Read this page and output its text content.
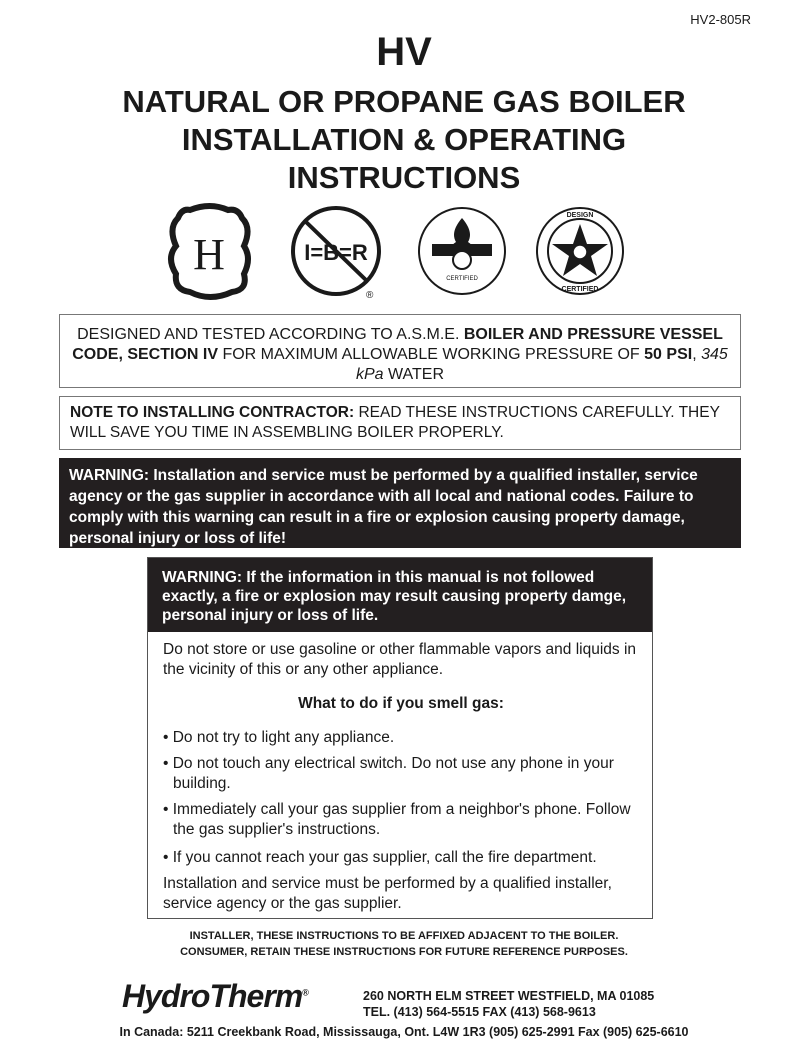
HV2-805R
HV
NATURAL OR PROPANE GAS BOILER
INSTALLATION & OPERATING
INSTRUCTIONS
H	I=B=R
®
CERTIFIED
DESIGN
CERTIFIED
DESIGNED AND TESTED ACCORDING TO A.S.M.E. BOILER AND PRESSURE VESSEL CODE, SECTION IV FOR MAXIMUM ALLOWABLE WORKING PRESSURE OF 50 PSI, 345 kPa WATER
NOTE TO INSTALLING CONTRACTOR: READ THESE INSTRUCTIONS CAREFULLY. THEY WILL SAVE YOU TIME IN ASSEMBLING BOILER PROPERLY.
WARNING: Installation and service must be performed by a qualified installer, service agency or the gas supplier in accordance with all local and national codes. Failure to comply with this warning can result in a fire or explosion causing property damage, personal injury or loss of life!
WARNING: If the information in this manual is not followed exactly, a fire or explosion may result causing property damge, personal injury or loss of life.
Do not store or use gasoline or other flammable vapors and liquids in the vicinity of this or any other appliance.
What to do if you smell gas:
• Do not try to light any appliance.
• Do not touch any electrical switch. Do not use any phone in your building.
• Immediately call your gas supplier from a neighbor's phone. Follow the gas supplier's instructions.
• If you cannot reach your gas supplier, call the fire department.
Installation and service must be performed by a qualified installer, service agency or the gas supplier.
INSTALLER, THESE INSTRUCTIONS TO BE AFFIXED ADJACENT TO THE BOILER.
CONSUMER, RETAIN THESE INSTRUCTIONS FOR FUTURE REFERENCE PURPOSES.
HydroTherm®	260 NORTH ELM STREET WESTFIELD, MA 01085
TEL. (413) 564-5515 FAX (413) 568-9613
In Canada: 5211 Creekbank Road, Mississauga, Ont. L4W 1R3 (905) 625-2991 Fax (905) 625-6610
